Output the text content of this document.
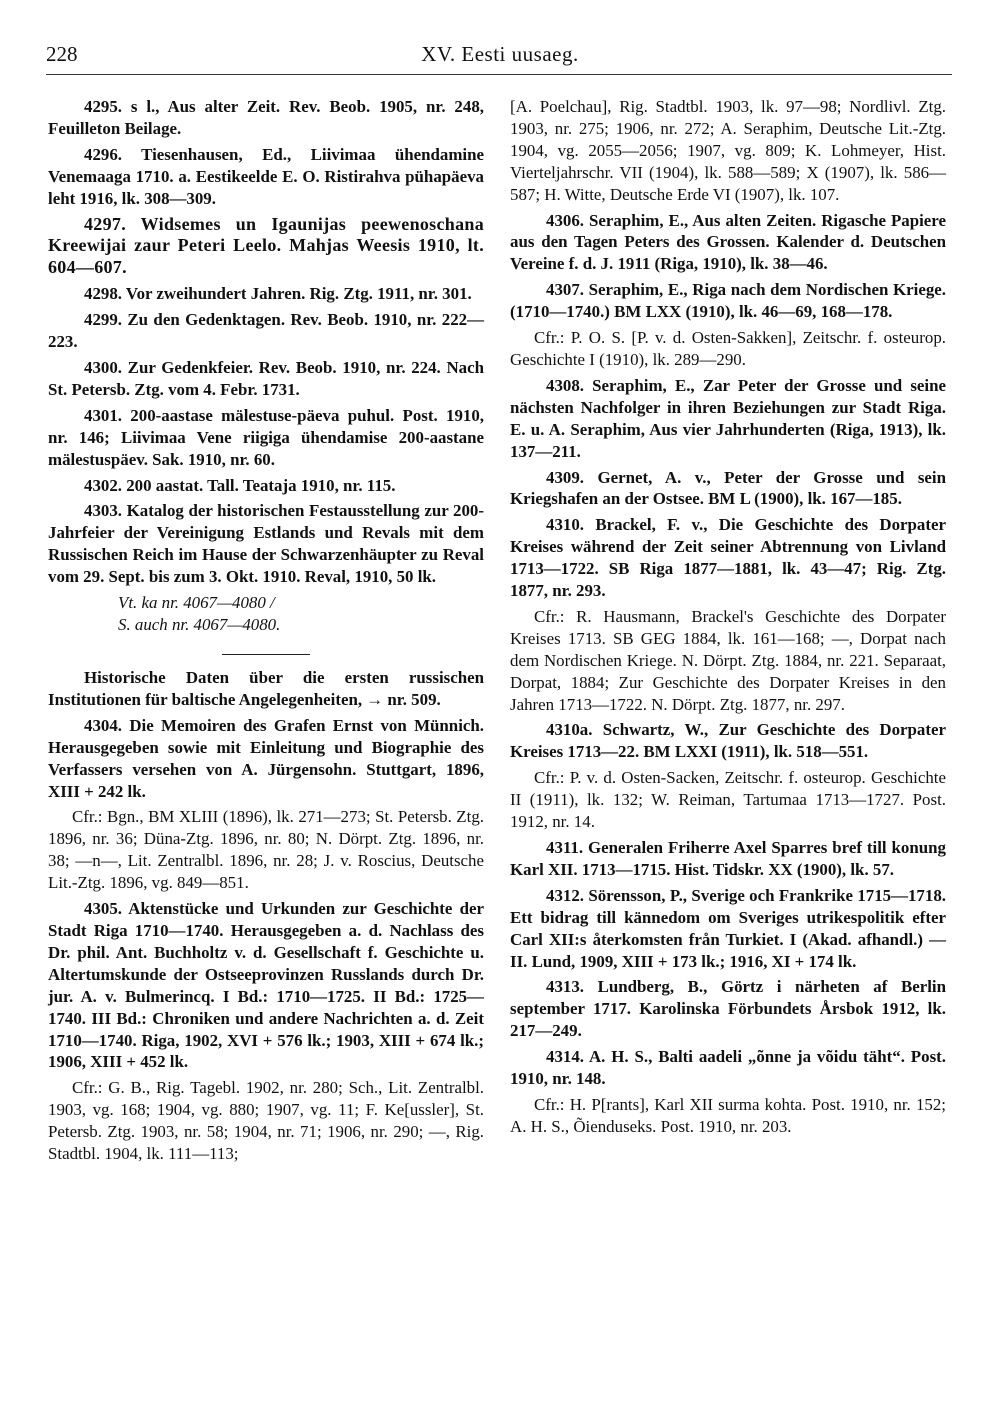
228	XV. Eesti uusaeg.

4295. s l., Aus alter Zeit. Rev. Beob. 1905, nr. 248, Feuilleton Beilage.

4296. Tiesenhausen, Ed., Liivimaa ühendamine Venemaaga 1710. a. Eestikeelde E. O. Ristirahva pühapäeva leht 1916, lk. 308—309.

4297. Widsemes un Igaunijas peewenoschana Kreewijai zaur Peteri Leelo. Mahjas Weesis 1910, lt. 604—607.

4298. Vor zweihundert Jahren. Rig. Ztg. 1911, nr. 301.

4299. Zu den Gedenktagen. Rev. Beob. 1910, nr. 222—223.

4300. Zur Gedenkfeier. Rev. Beob. 1910, nr. 224. Nach St. Petersb. Ztg. vom 4. Febr. 1731.

4301. 200-aastase mälestuse-päeva puhul. Post. 1910, nr. 146; Liivimaa Vene riigiga ühendamise 200-aastane mälestuspäev. Sak. 1910, nr. 60.

4302. 200 aastat. Tall. Teataja 1910, nr. 115.

4303. Katalog der historischen Festausstellung zur 200-Jahrfeier der Vereinigung Estlands und Revals mit dem Russischen Reich im Hause der Schwarzenhäupter zu Reval vom 29. Sept. bis zum 3. Okt. 1910. Reval, 1910, 50 lk.

Vt. ka nr. 4067—4080 /
S. auch nr. 4067—4080.

Historische Daten über die ersten russischen Institutionen für baltische Angelegenheiten, → nr. 509.

4304. Die Memoiren des Grafen Ernst von Münnich. Herausgegeben sowie mit Einleitung und Biographie des Verfassers versehen von A. Jürgensohn. Stuttgart, 1896, XIII + 242 lk.

Cfr.: Bgn., BM XLIII (1896), lk. 271—273; St. Petersb. Ztg. 1896, nr. 36; Düna-Ztg. 1896, nr. 80; N. Dörpt. Ztg. 1896, nr. 38; —n—, Lit. Zentralbl. 1896, nr. 28; J. v. Roscius, Deutsche Lit.-Ztg. 1896, vg. 849—851.

4305. Aktenstücke und Urkunden zur Geschichte der Stadt Riga 1710—1740. Herausgegeben a. d. Nachlass des Dr. phil. Ant. Buchholtz v. d. Gesellschaft f. Geschichte u. Altertumskunde der Ostseeprovinzen Russlands durch Dr. jur. A. v. Bulmerincq. I Bd.: 1710—1725. II Bd.: 1725—1740. III Bd.: Chroniken und andere Nachrichten a. d. Zeit 1710—1740. Riga, 1902, XVI + 576 lk.; 1903, XIII + 674 lk.; 1906, XIII + 452 lk.

Cfr.: G. B., Rig. Tagebl. 1902, nr. 280; Sch., Lit. Zentralbl. 1903, vg. 168; 1904, vg. 880; 1907, vg. 11; F. Ke[ussler], St. Petersb. Ztg. 1903, nr. 58; 1904, nr. 71; 1906, nr. 290; —, Rig. Stadtbl. 1904, lk. 111—113;

[A. Poelchau], Rig. Stadtbl. 1903, lk. 97—98; Nordlivl. Ztg. 1903, nr. 275; 1906, nr. 272; A. Seraphim, Deutsche Lit.-Ztg. 1904, vg. 2055—2056; 1907, vg. 809; K. Lohmeyer, Hist. Vierteljahrschr. VII (1904), lk. 588—589; X (1907), lk. 586—587; H. Witte, Deutsche Erde VI (1907), lk. 107.

4306. Seraphim, E., Aus alten Zeiten. Rigasche Papiere aus den Tagen Peters des Grossen. Kalender d. Deutschen Vereine f. d. J. 1911 (Riga, 1910), lk. 38—46.

4307. Seraphim, E., Riga nach dem Nordischen Kriege. (1710—1740.) BM LXX (1910), lk. 46—69, 168—178.

Cfr.: P. O. S. [P. v. d. Osten-Sakken], Zeitschr. f. osteurop. Geschichte I (1910), lk. 289—290.

4308. Seraphim, E., Zar Peter der Grosse und seine nächsten Nachfolger in ihren Beziehungen zur Stadt Riga. E. u. A. Seraphim, Aus vier Jahrhunderten (Riga, 1913), lk. 137—211.

4309. Gernet, A. v., Peter der Grosse und sein Kriegshafen an der Ostsee. BM L (1900), lk. 167—185.

4310. Brackel, F. v., Die Geschichte des Dorpater Kreises während der Zeit seiner Abtrennung von Livland 1713—1722. SB Riga 1877—1881, lk. 43—47; Rig. Ztg. 1877, nr. 293.

Cfr.: R. Hausmann, Brackel's Geschichte des Dorpater Kreises 1713. SB GEG 1884, lk. 161—168; —, Dorpat nach dem Nordischen Kriege. N. Dörpt. Ztg. 1884, nr. 221. Separaat, Dorpat, 1884; Zur Geschichte des Dorpater Kreises in den Jahren 1713—1722. N. Dörpt. Ztg. 1877, nr. 297.

4310a. Schwartz, W., Zur Geschichte des Dorpater Kreises 1713—22. BM LXXI (1911), lk. 518—551.

Cfr.: P. v. d. Osten-Sacken, Zeitschr. f. osteurop. Geschichte II (1911), lk. 132; W. Reiman, Tartumaa 1713—1727. Post. 1912, nr. 14.

4311. Generalen Friherre Axel Sparres bref till konung Karl XII. 1713—1715. Hist. Tidskr. XX (1900), lk. 57.

4312. Sörensson, P., Sverige och Frankrike 1715—1718. Ett bidrag till kännedom om Sveriges utrikespolitik efter Carl XII:s återkomsten från Turkiet. I (Akad. afhandl.) — II. Lund, 1909, XIII + 173 lk.; 1916, XI + 174 lk.

4313. Lundberg, B., Görtz i närheten af Berlin september 1717. Karolinska Förbundets Årsbok 1912, lk. 217—249.

4314. A. H. S., Balti aadeli „õnne ja võidu täht“. Post. 1910, nr. 148.

Cfr.: H. P[rants], Karl XII surma kohta. Post. 1910, nr. 152; A. H. S., Õienduseks. Post. 1910, nr. 203.
